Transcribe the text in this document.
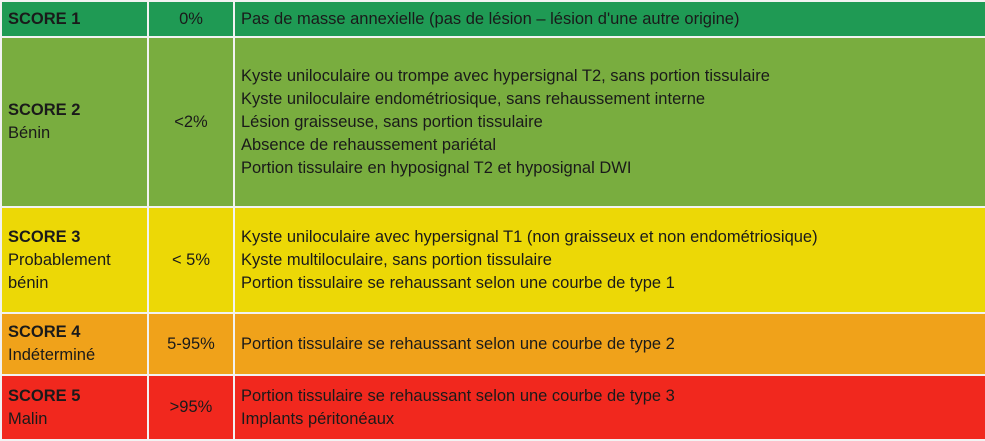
SCORE 1	0%	Pas de masse annexielle (pas de lésion – lésion d'une autre origine)

SCORE 2
Bénin	<2%	Kyste uniloculaire ou trompe avec hypersignal T2, sans portion tissulaire
Kyste uniloculaire endométriosique, sans rehaussement interne
Lésion graisseuse, sans portion tissulaire
Absence de rehaussement pariétal
Portion tissulaire en hyposignal T2 et hyposignal DWI

SCORE 3
Probablement bénin	< 5%	Kyste uniloculaire avec hypersignal T1 (non graisseux et non endométriosique)
Kyste multiloculaire, sans portion tissulaire
Portion tissulaire se rehaussant selon une courbe de type 1

SCORE 4
Indéterminé	5-95%	Portion tissulaire se rehaussant selon une courbe de type 2

SCORE 5
Malin	>95%	Portion tissulaire se rehaussant selon une courbe de type 3
Implants péritonéaux
